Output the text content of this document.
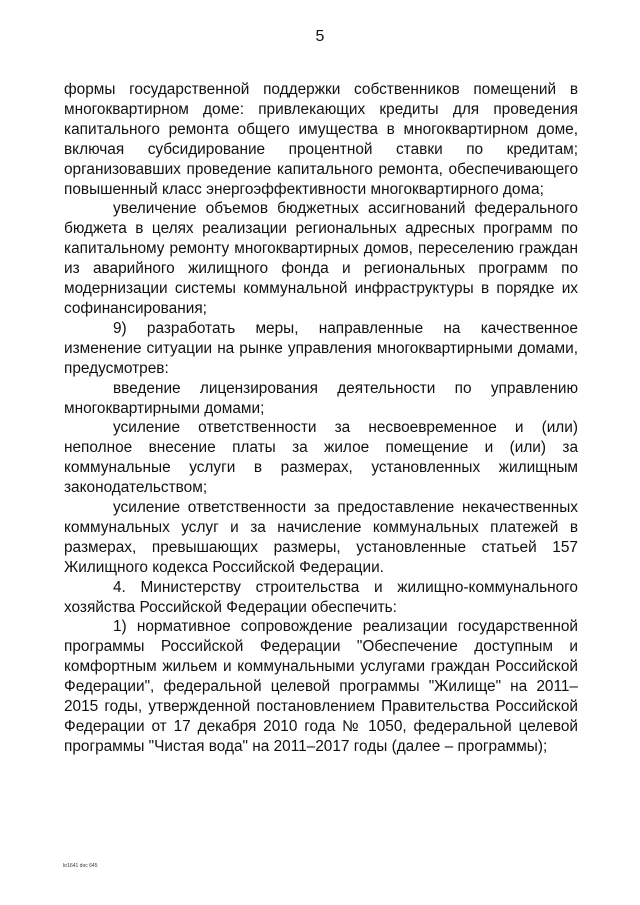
5

формы государственной поддержки собственников помещений в многоквартирном доме: привлекающих кредиты для проведения капитального ремонта общего имущества в многоквартирном доме, включая субсидирование процентной ставки по кредитам; организовавших проведение капитального ремонта, обеспечивающего повышенный класс энергоэффективности многоквартирного дома;

увеличение объемов бюджетных ассигнований федерального бюджета в целях реализации региональных адресных программ по капитальному ремонту многоквартирных домов, переселению граждан из аварийного жилищного фонда и региональных программ по модернизации системы коммунальной инфраструктуры в порядке их софинансирования;

9) разработать меры, направленные на качественное изменение ситуации на рынке управления многоквартирными домами, предусмотрев:

введение лицензирования деятельности по управлению многоквартирными домами;

усиление ответственности за несвоевременное и (или) неполное внесение платы за жилое помещение и (или) за коммунальные услуги в размерах, установленных жилищным законодательством;

усиление ответственности за предоставление некачественных коммунальных услуг и за начисление коммунальных платежей в размерах, превышающих размеры, установленные статьей 157 Жилищного кодекса Российской Федерации.

4. Министерству строительства и жилищно-коммунального хозяйства Российской Федерации обеспечить:

1) нормативное сопровождение реализации государственной программы Российской Федерации "Обеспечение доступным и комфортным жильем и коммунальными услугами граждан Российской Федерации", федеральной целевой программы "Жилище" на 2011–2015 годы, утвержденной постановлением Правительства Российской Федерации от 17 декабря 2010 года № 1050, федеральной целевой программы "Чистая вода" на 2011–2017 годы (далее – программы);

kr1641 doc 645
